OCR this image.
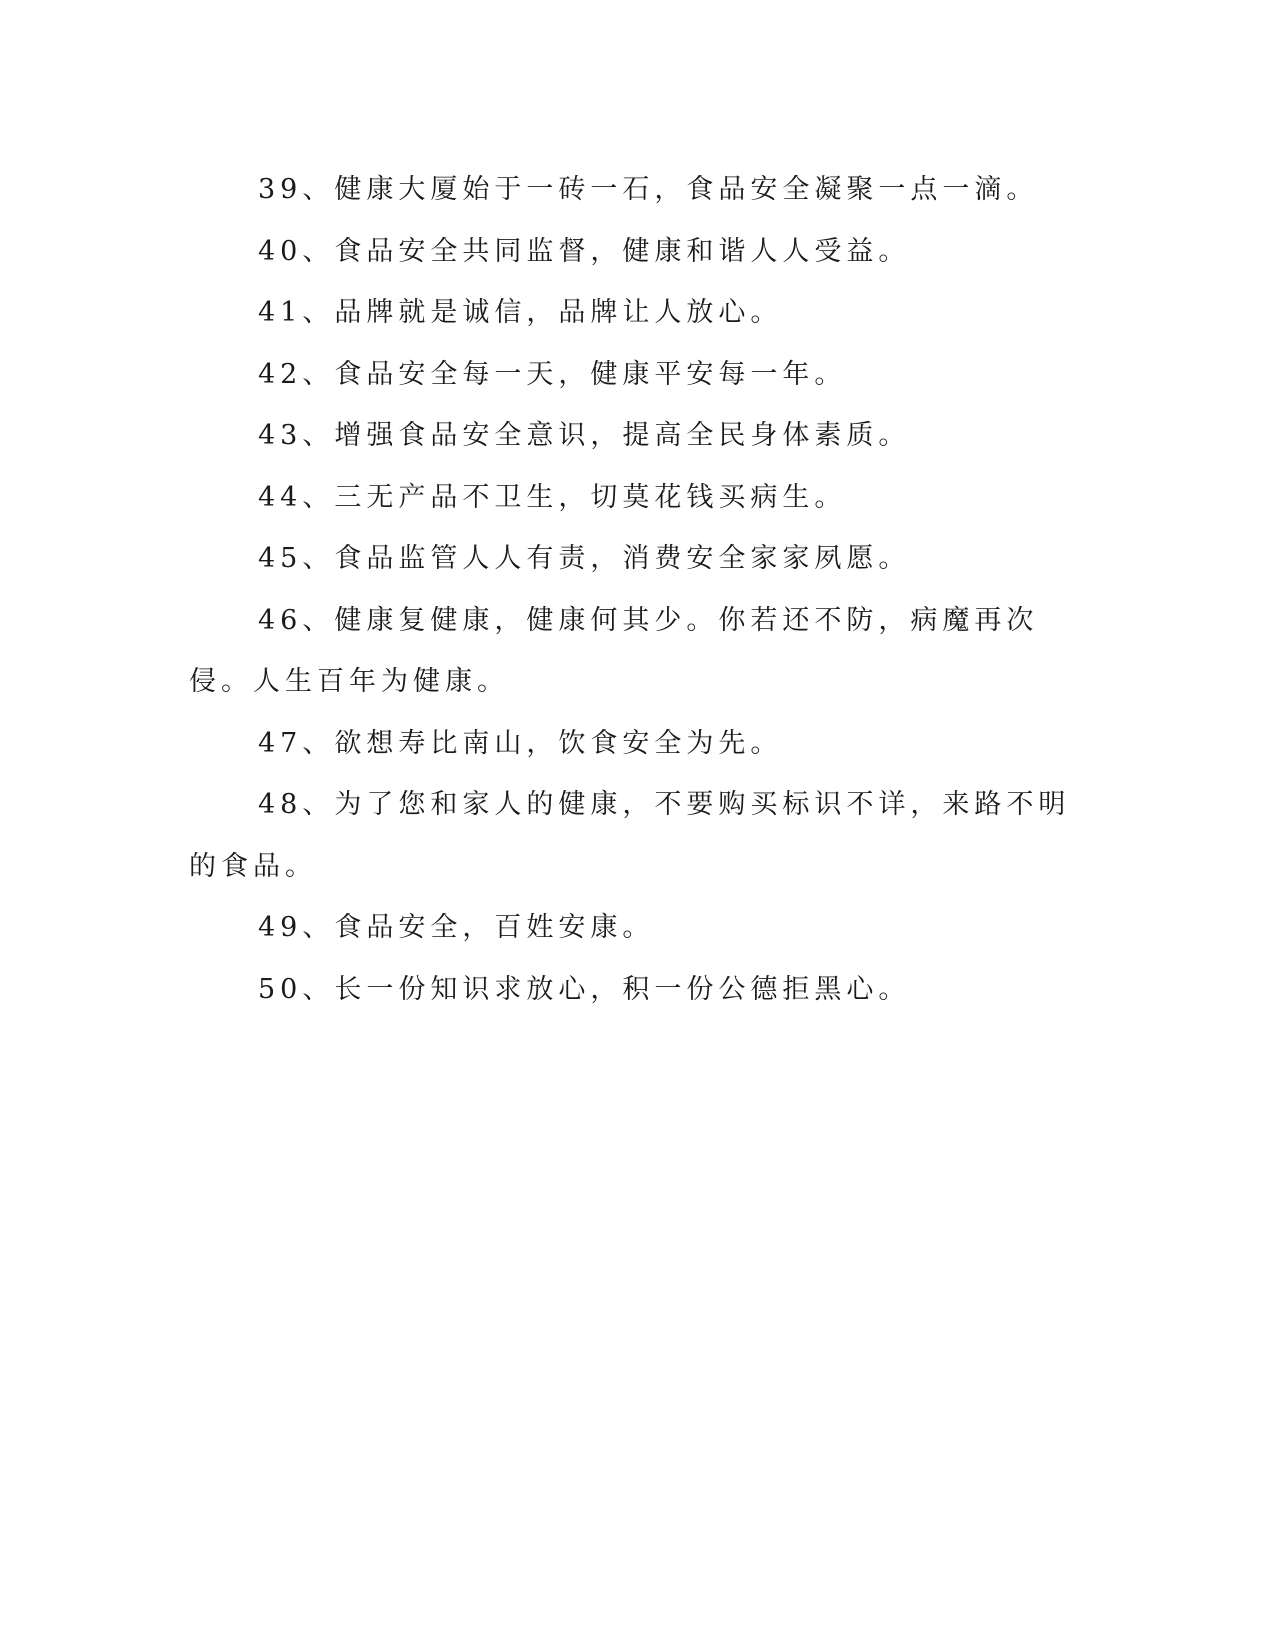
39、健康大厦始于一砖一石，食品安全凝聚一点一滴。

40、食品安全共同监督，健康和谐人人受益。

41、品牌就是诚信，品牌让人放心。

42、食品安全每一天，健康平安每一年。

43、增强食品安全意识，提高全民身体素质。

44、三无产品不卫生，切莫花钱买病生。

45、食品监管人人有责，消费安全家家夙愿。

46、健康复健康，健康何其少。你若还不防，病魔再次侵。人生百年为健康。

47、欲想寿比南山，饮食安全为先。

48、为了您和家人的健康，不要购买标识不详，来路不明的食品。

49、食品安全，百姓安康。

50、长一份知识求放心，积一份公德拒黑心。
